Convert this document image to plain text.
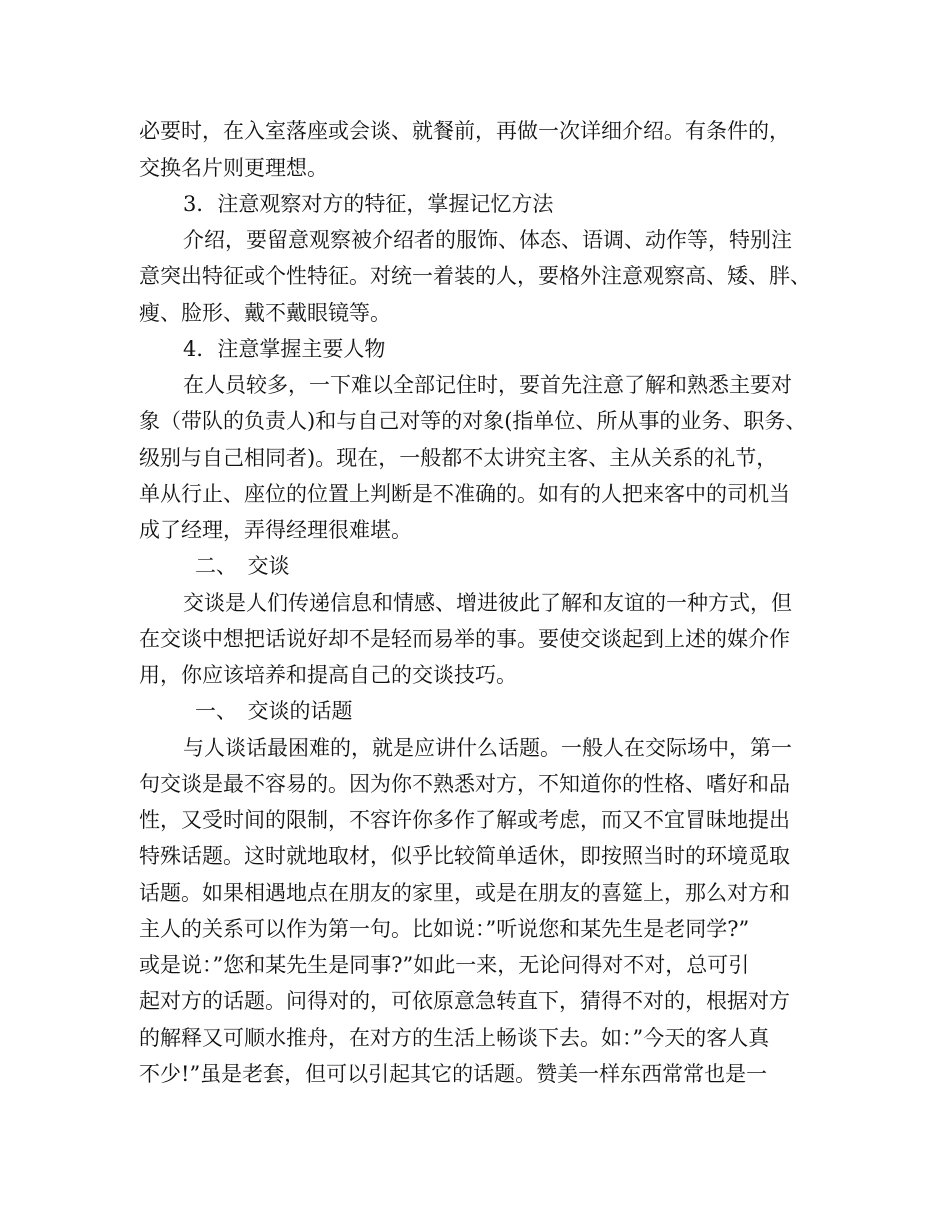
必要时，在入室落座或会谈、就餐前，再做一次详细介绍。有条件的，
交换名片则更理想。
3．注意观察对方的特征，掌握记忆方法
介绍，要留意观察被介绍者的服饰、体态、语调、动作等，特别注
意突出特征或个性特征。对统一着装的人，要格外注意观察高、矮、胖、
瘦、脸形、戴不戴眼镜等。
4．注意掌握主要人物
在人员较多，一下难以全部记住时，要首先注意了解和熟悉主要对
象（带队的负责人)和与自己对等的对象(指单位、所从事的业务、职务、
级别与自己相同者)。现在，一般都不太讲究主客、主从关系的礼节，
单从行止、座位的位置上判断是不准确的。如有的人把来客中的司机当
成了经理，弄得经理很难堪。
二、　交谈
交谈是人们传递信息和情感、增进彼此了解和友谊的一种方式，但
在交谈中想把话说好却不是轻而易举的事。要使交谈起到上述的媒介作
用，你应该培养和提高自己的交谈技巧。
一、　交谈的话题
与人谈话最困难的，就是应讲什么话题。一般人在交际场中，第一
句交谈是最不容易的。因为你不熟悉对方，不知道你的性格、嗜好和品
性，又受时间的限制，不容许你多作了解或考虑，而又不宜冒昧地提出
特殊话题。这时就地取材，似乎比较简单适休，即按照当时的环境觅取
话题。如果相遇地点在朋友的家里，或是在朋友的喜筵上，那么对方和
主人的关系可以作为第一句。比如说：”听说您和某先生是老同学?”
或是说：”您和某先生是同事?”如此一来，无论问得对不对，总可引
起对方的话题。问得对的，可依原意急转直下，猜得不对的，根据对方
的解释又可顺水推舟，在对方的生活上畅谈下去。如：”今天的客人真
不少!”虽是老套，但可以引起其它的话题。赞美一样东西常常也是一
